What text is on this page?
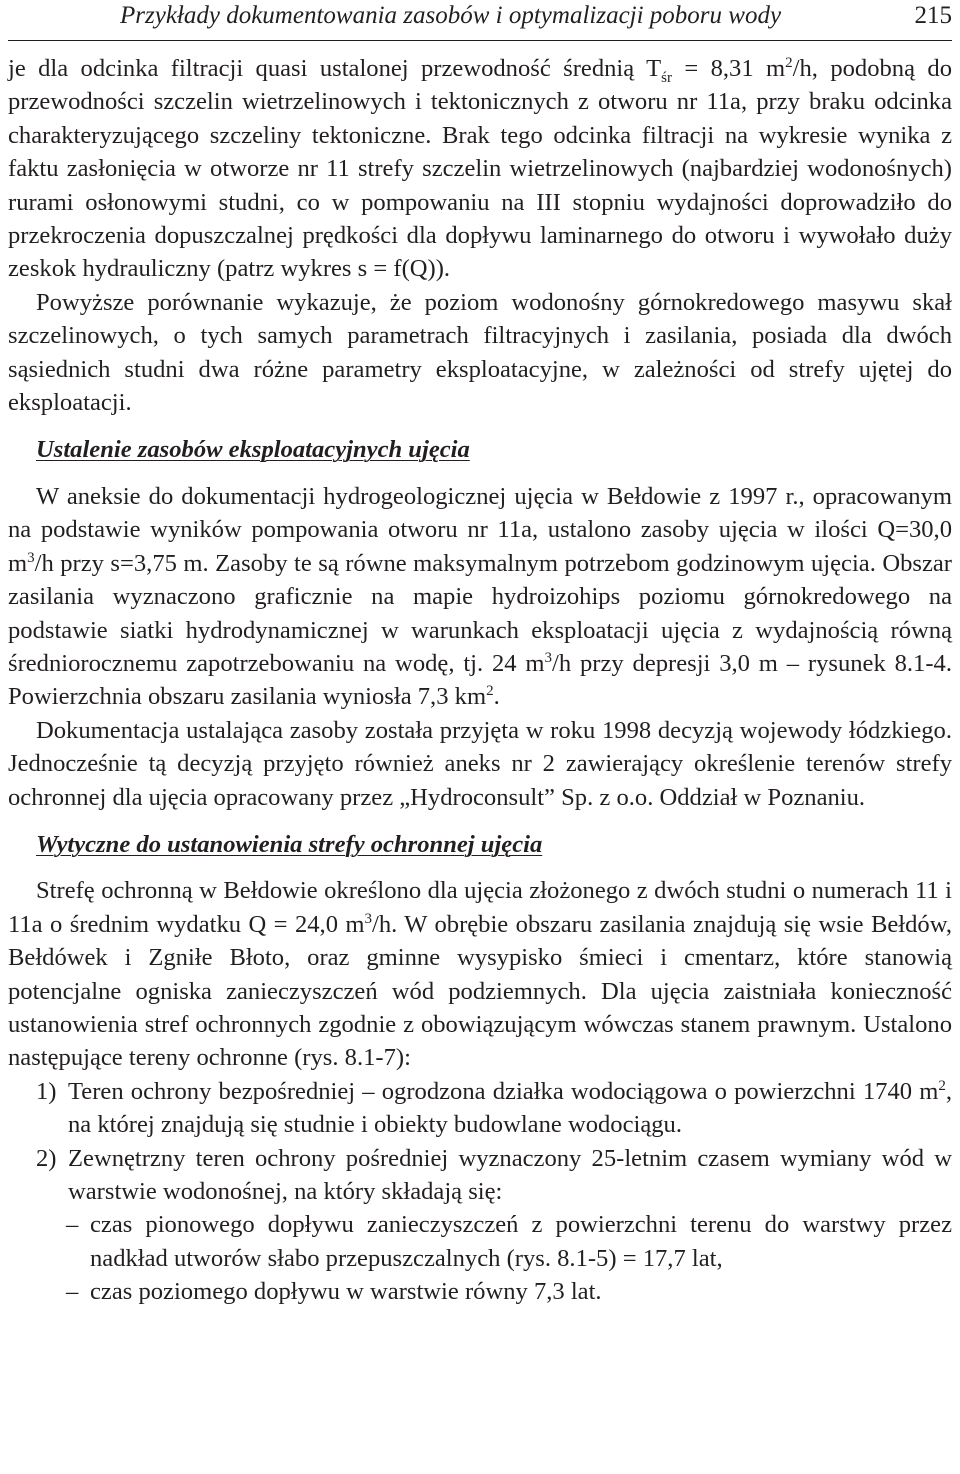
Przykłady dokumentowania zasobów i optymalizacji poboru wody	215

je dla odcinka filtracji quasi ustalonej przewodność średnią $T_{śr} = 8,31$ $m^2/h$, podobną do przewodności szczelin wietrzelinowych i tektonicznych z otworu nr 11a, przy braku odcinka charakteryzującego szczeliny tektoniczne. Brak tego odcinka filtracji na wykresie wynika z faktu zasłonięcia w otworze nr 11 strefy szczelin wietrzelinowych (najbardziej wodonośnych) rurami osłonowymi studni, co w pompowaniu na III stopniu wydajności doprowadziło do przekroczenia dopuszczalnej prędkości dla dopływu laminarnego do otworu i wywołało duży zeskok hydrauliczny (patrz wykres s = f(Q)).

Powyższe porównanie wykazuje, że poziom wodonośny górnokredowego masywu skał szczelinowych, o tych samych parametrach filtracyjnych i zasilania, posiada dla dwóch sąsiednich studni dwa różne parametry eksploatacyjne, w zależności od strefy ujętej do eksploatacji.

Ustalenie zasobów eksploatacyjnych ujęcia

W aneksie do dokumentacji hydrogeologicznej ujęcia w Bełdowie z 1997 r., opracowanym na podstawie wyników pompowania otworu nr 11a, ustalono zasoby ujęcia w ilości Q=30,0 $m^3/h$ przy s=3,75 m. Zasoby te są równe maksymalnym potrzebom godzinowym ujęcia. Obszar zasilania wyznaczono graficznie na mapie hydroizohips poziomu górnokredowego na podstawie siatki hydrodynamicznej w warunkach eksploatacji ujęcia z wydajnością równą średniorocznemu zapotrzebowaniu na wodę, tj. 24 $m^3/h$ przy depresji 3,0 m – rysunek 8.1-4. Powierzchnia obszaru zasilania wyniosła 7,3 $km^2$.

Dokumentacja ustalająca zasoby została przyjęta w roku 1998 decyzją wojewody łódzkiego. Jednocześnie tą decyzją przyjęto również aneks nr 2 zawierający określenie terenów strefy ochronnej dla ujęcia opracowany przez „Hydroconsult” Sp. z o.o. Oddział w Poznaniu.

Wytyczne do ustanowienia strefy ochronnej ujęcia

Strefę ochronną w Bełdowie określono dla ujęcia złożonego z dwóch studni o numerach 11 i 11a o średnim wydatku Q = 24,0 $m^3/h$. W obrębie obszaru zasilania znajdują się wsie Bełdów, Bełdówek i Zgniłe Błoto, oraz gminne wysypisko śmieci i cmentarz, które stanowią potencjalne ogniska zanieczyszczeń wód podziemnych. Dla ujęcia zaistniała konieczność ustanowienia stref ochronnych zgodnie z obowiązującym wówczas stanem prawnym. Ustalono następujące tereny ochronne (rys. 8.1-7):

1) Teren ochrony bezpośredniej – ogrodzona działka wodociągowa o powierzchni 1740 $m^2$, na której znajdują się studnie i obiekty budowlane wodociągu.
2) Zewnętrzny teren ochrony pośredniej wyznaczony 25-letnim czasem wymiany wód w warstwie wodonośnej, na który składają się:
– czas pionowego dopływu zanieczyszczeń z powierzchni terenu do warstwy przez nadkład utworów słabo przepuszczalnych (rys. 8.1-5) = 17,7 lat,
– czas poziomego dopływu w warstwie równy 7,3 lat.
